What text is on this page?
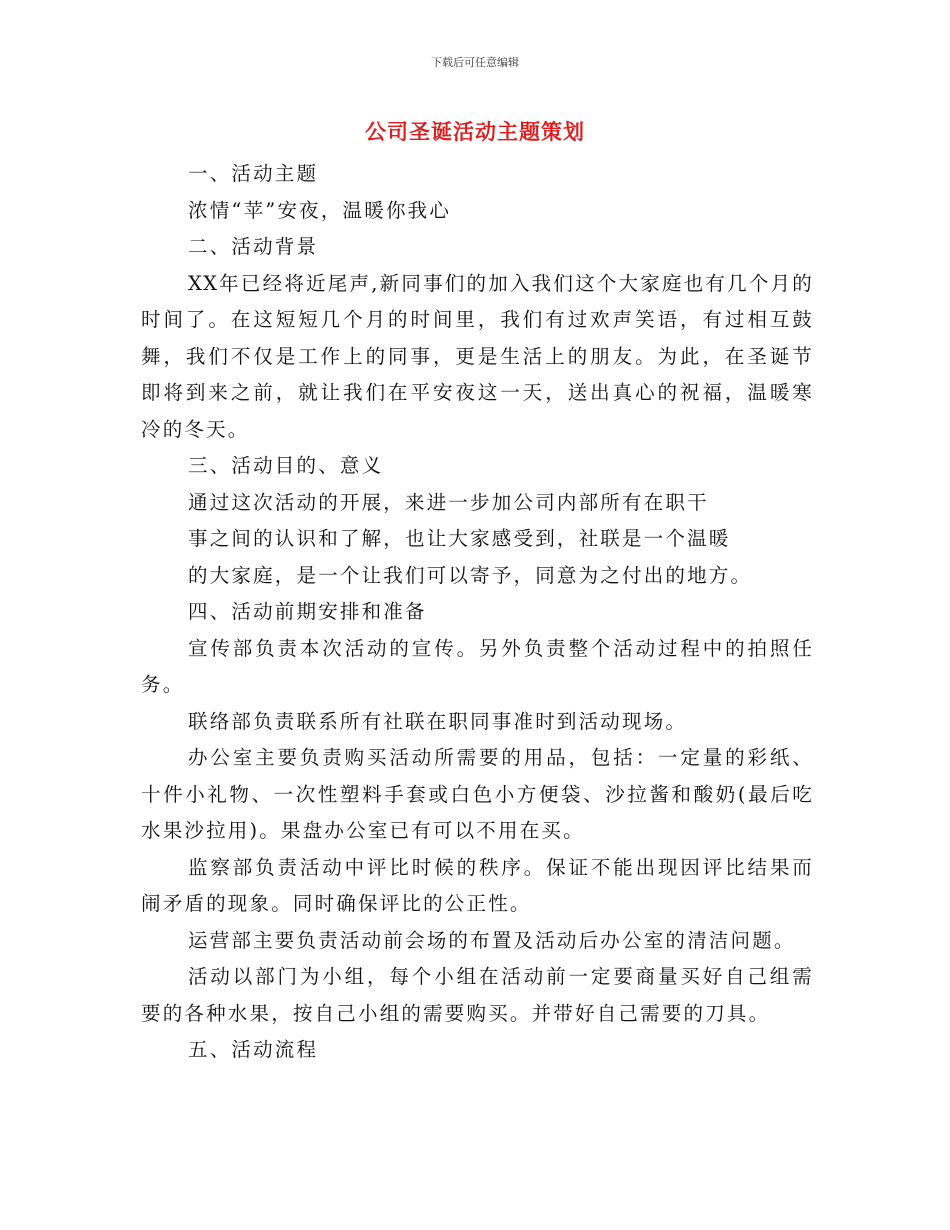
下载后可任意编辑
公司圣诞活动主题策划
一、活动主题
浓情“苹”安夜，温暖你我心
二、活动背景
XX年已经将近尾声,新同事们的加入我们这个大家庭也有几个月的
时间了。在这短短几个月的时间里，我们有过欢声笑语，有过相互鼓
舞，我们不仅是工作上的同事，更是生活上的朋友。为此，在圣诞节
即将到来之前，就让我们在平安夜这一天，送出真心的祝福，温暖寒
冷的冬天。
三、活动目的、意义
通过这次活动的开展，来进一步加公司内部所有在职干
事之间的认识和了解，也让大家感受到，社联是一个温暖
的大家庭，是一个让我们可以寄予，同意为之付出的地方。
四、活动前期安排和准备
宣传部负责本次活动的宣传。另外负责整个活动过程中的拍照任
务。
联络部负责联系所有社联在职同事准时到活动现场。
办公室主要负责购买活动所需要的用品，包括：一定量的彩纸、
十件小礼物、一次性塑料手套或白色小方便袋、沙拉酱和酸奶(最后吃
水果沙拉用)。果盘办公室已有可以不用在买。
监察部负责活动中评比时候的秩序。保证不能出现因评比结果而
闹矛盾的现象。同时确保评比的公正性。
运营部主要负责活动前会场的布置及活动后办公室的清洁问题。
活动以部门为小组，每个小组在活动前一定要商量买好自己组需
要的各种水果，按自己小组的需要购买。并带好自己需要的刀具。
五、活动流程
